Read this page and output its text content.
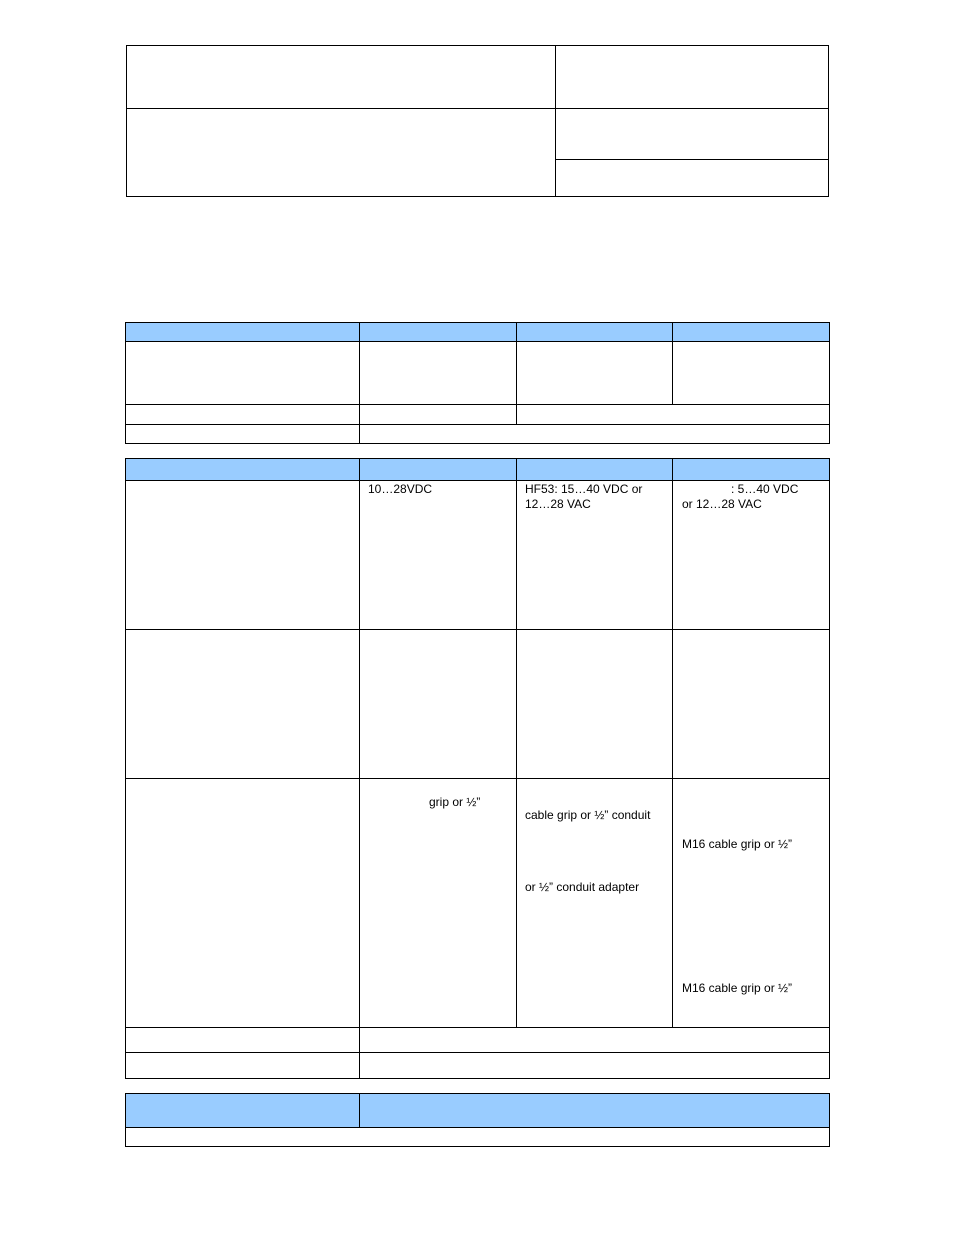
10…28VDC	HF53: 15…40 VDC or 12…28 VAC
: 5…40 VDC or 12…28 VAC
grip or ½”
cable grip or ½” conduit
or ½” conduit adapter
M16 cable grip or ½”
M16 cable grip or ½”
